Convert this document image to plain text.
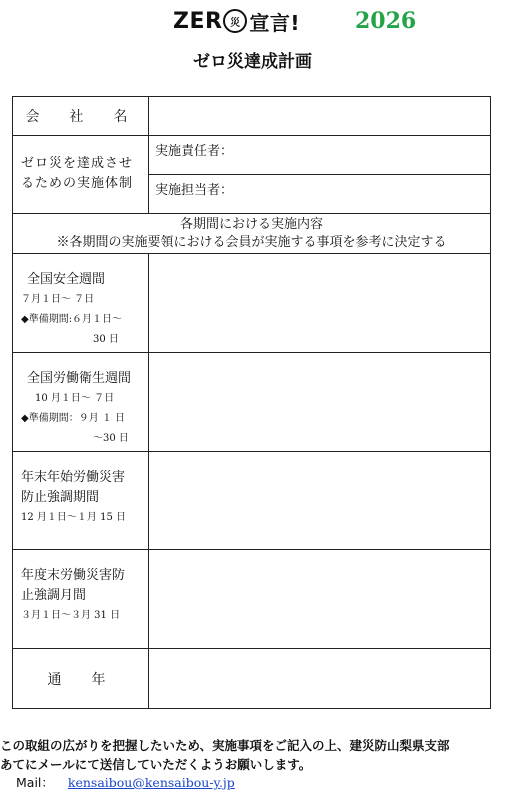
ZER 災 宣言! 2026
ゼロ災達成計画
会　社　名
ゼロ災を達成させ
るための実施体制
実施責任者：
実施担当者：
各期間における実施内容
※各期間の実施要領における会員が実施する事項を参考に決定する
全国安全週間
７月１日～ ７日
◆準備期間:６月１日～
30 日
全国労働衛生週間
10 月１日～ ７日
◆準備期間：９月 １ 日
～30 日
年末年始労働災害
防止強調期間
12 月１日～１月 15 日
年度末労働災害防
止強調月間
３月１日～３月 31 日
通　年
この取組の広がりを把握したいため、実施事項をご記入の上、建災防山梨県支部
あてにメールにて送信していただくようお願いします。
Mail： kensaibou@kensaibou-y.jp
